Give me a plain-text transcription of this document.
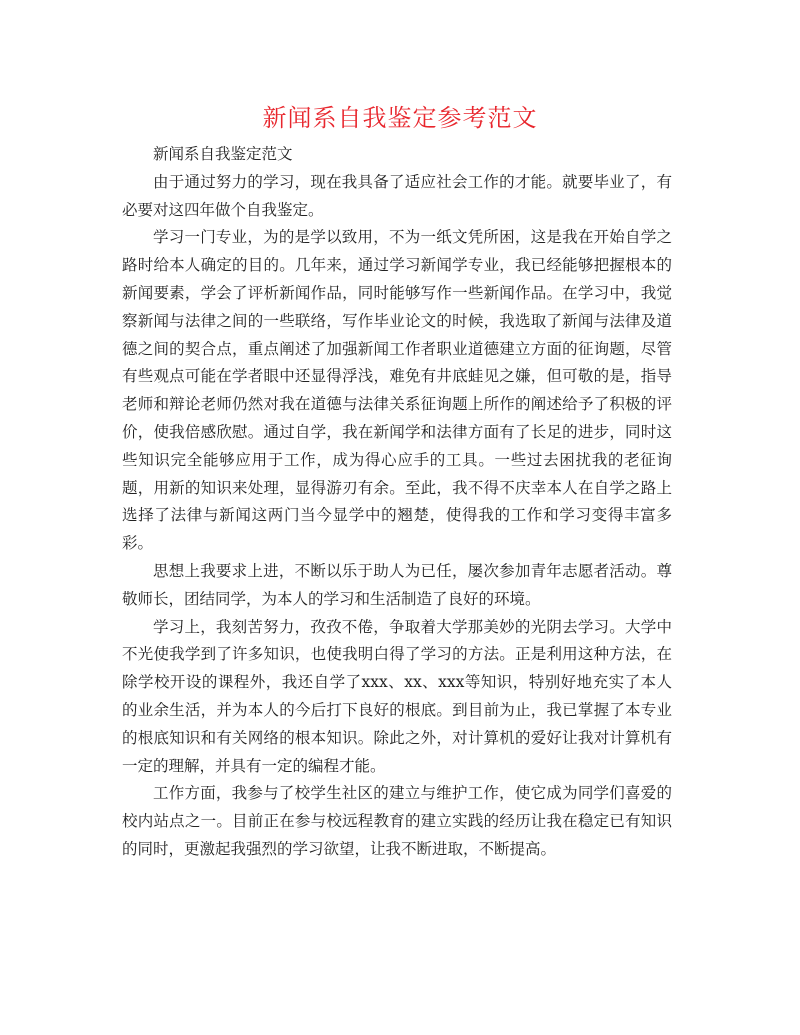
新闻系自我鉴定参考范文

新闻系自我鉴定范文

由于通过努力的学习，现在我具备了适应社会工作的才能。就要毕业了，有必要对这四年做个自我鉴定。

学习一门专业，为的是学以致用，不为一纸文凭所困，这是我在开始自学之路时给本人确定的目的。几年来，通过学习新闻学专业，我已经能够把握根本的新闻要素，学会了评析新闻作品，同时能够写作一些新闻作品。在学习中，我觉察新闻与法律之间的一些联络，写作毕业论文的时候，我选取了新闻与法律及道德之间的契合点，重点阐述了加强新闻工作者职业道德建立方面的征询题，尽管有些观点可能在学者眼中还显得浮浅，难免有井底蛙见之嫌，但可敬的是，指导老师和辩论老师仍然对我在道德与法律关系征询题上所作的阐述给予了积极的评价，使我倍感欣慰。通过自学，我在新闻学和法律方面有了长足的进步，同时这些知识完全能够应用于工作，成为得心应手的工具。一些过去困扰我的老征询题，用新的知识来处理，显得游刃有余。至此，我不得不庆幸本人在自学之路上选择了法律与新闻这两门当今显学中的翘楚，使得我的工作和学习变得丰富多彩。

思想上我要求上进，不断以乐于助人为已任，屡次参加青年志愿者活动。尊敬师长，团结同学，为本人的学习和生活制造了良好的环境。

学习上，我刻苦努力，孜孜不倦，争取着大学那美妙的光阴去学习。大学中不光使我学到了许多知识，也使我明白得了学习的方法。正是利用这种方法，在除学校开设的课程外，我还自学了xxx、xx、xxx等知识，特别好地充实了本人的业余生活，并为本人的今后打下良好的根底。到目前为止，我已掌握了本专业的根底知识和有关网络的根本知识。除此之外，对计算机的爱好让我对计算机有一定的理解，并具有一定的编程才能。

工作方面，我参与了校学生社区的建立与维护工作，使它成为同学们喜爱的校内站点之一。目前正在参与校远程教育的建立实践的经历让我在稳定已有知识的同时，更激起我强烈的学习欲望，让我不断进取，不断提高。
